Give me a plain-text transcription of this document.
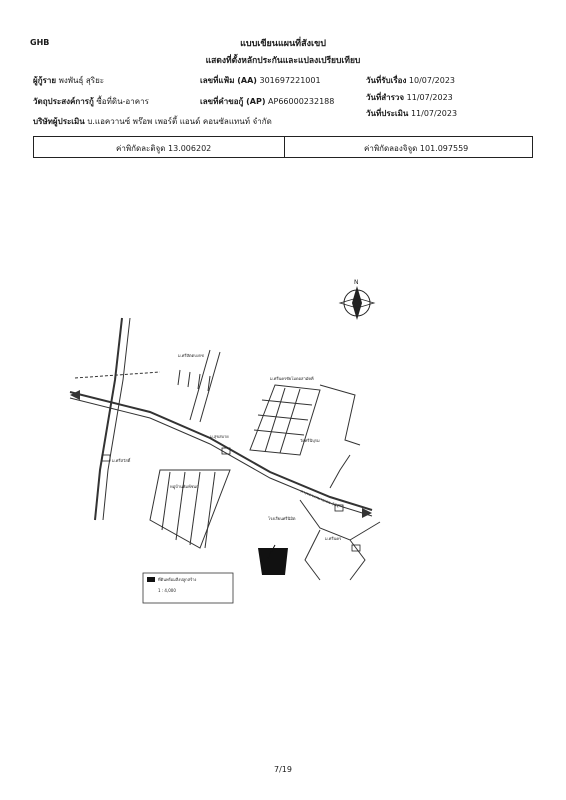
GHB	แบบเขียนแผนที่สังเขป
แสดงที่ตั้งหลักประกันและแปลงเปรียบเทียบ
ผู้กู้ราย พงพันธุ์ สุริยะ
วัตถุประสงค์การกู้ ซื้อที่ดิน-อาคาร
บริษัทผู้ประเมิน บ.แอควานซ์ พร๊อพ เพอร์ตี้ แอนด์ คอนซัลแทนท์ จำกัด
เลขที่แฟ้ม (AA) 301697221001
เลขที่คำขอกู้ (AP) AP66000232188
วันที่รับเรื่อง 10/07/2023
วันที่สำรวจ 11/07/2023
วันที่ประเมิน 11/07/2023
ค่าพิกัดละติจูด 13.006202	ค่าพิกัดลองจิจูด 101.097559
ที่ดินพร้อมสิ่งปลูกสร้าง
1 : 4,000
ม.ศรีสัตตบงกช
ม.ศรีนครชัยโมดอสามัคคี
ม.สุขสบาย
ม.ศรีสวัสดิ์
หมู่บ้านพิมพ์ชนก
วัดศรีนิบุรม
ม.ศรีนคร
โรงเรียนศรีนิมิต
ทางหลวงหมายเลข 331
N
7/19
